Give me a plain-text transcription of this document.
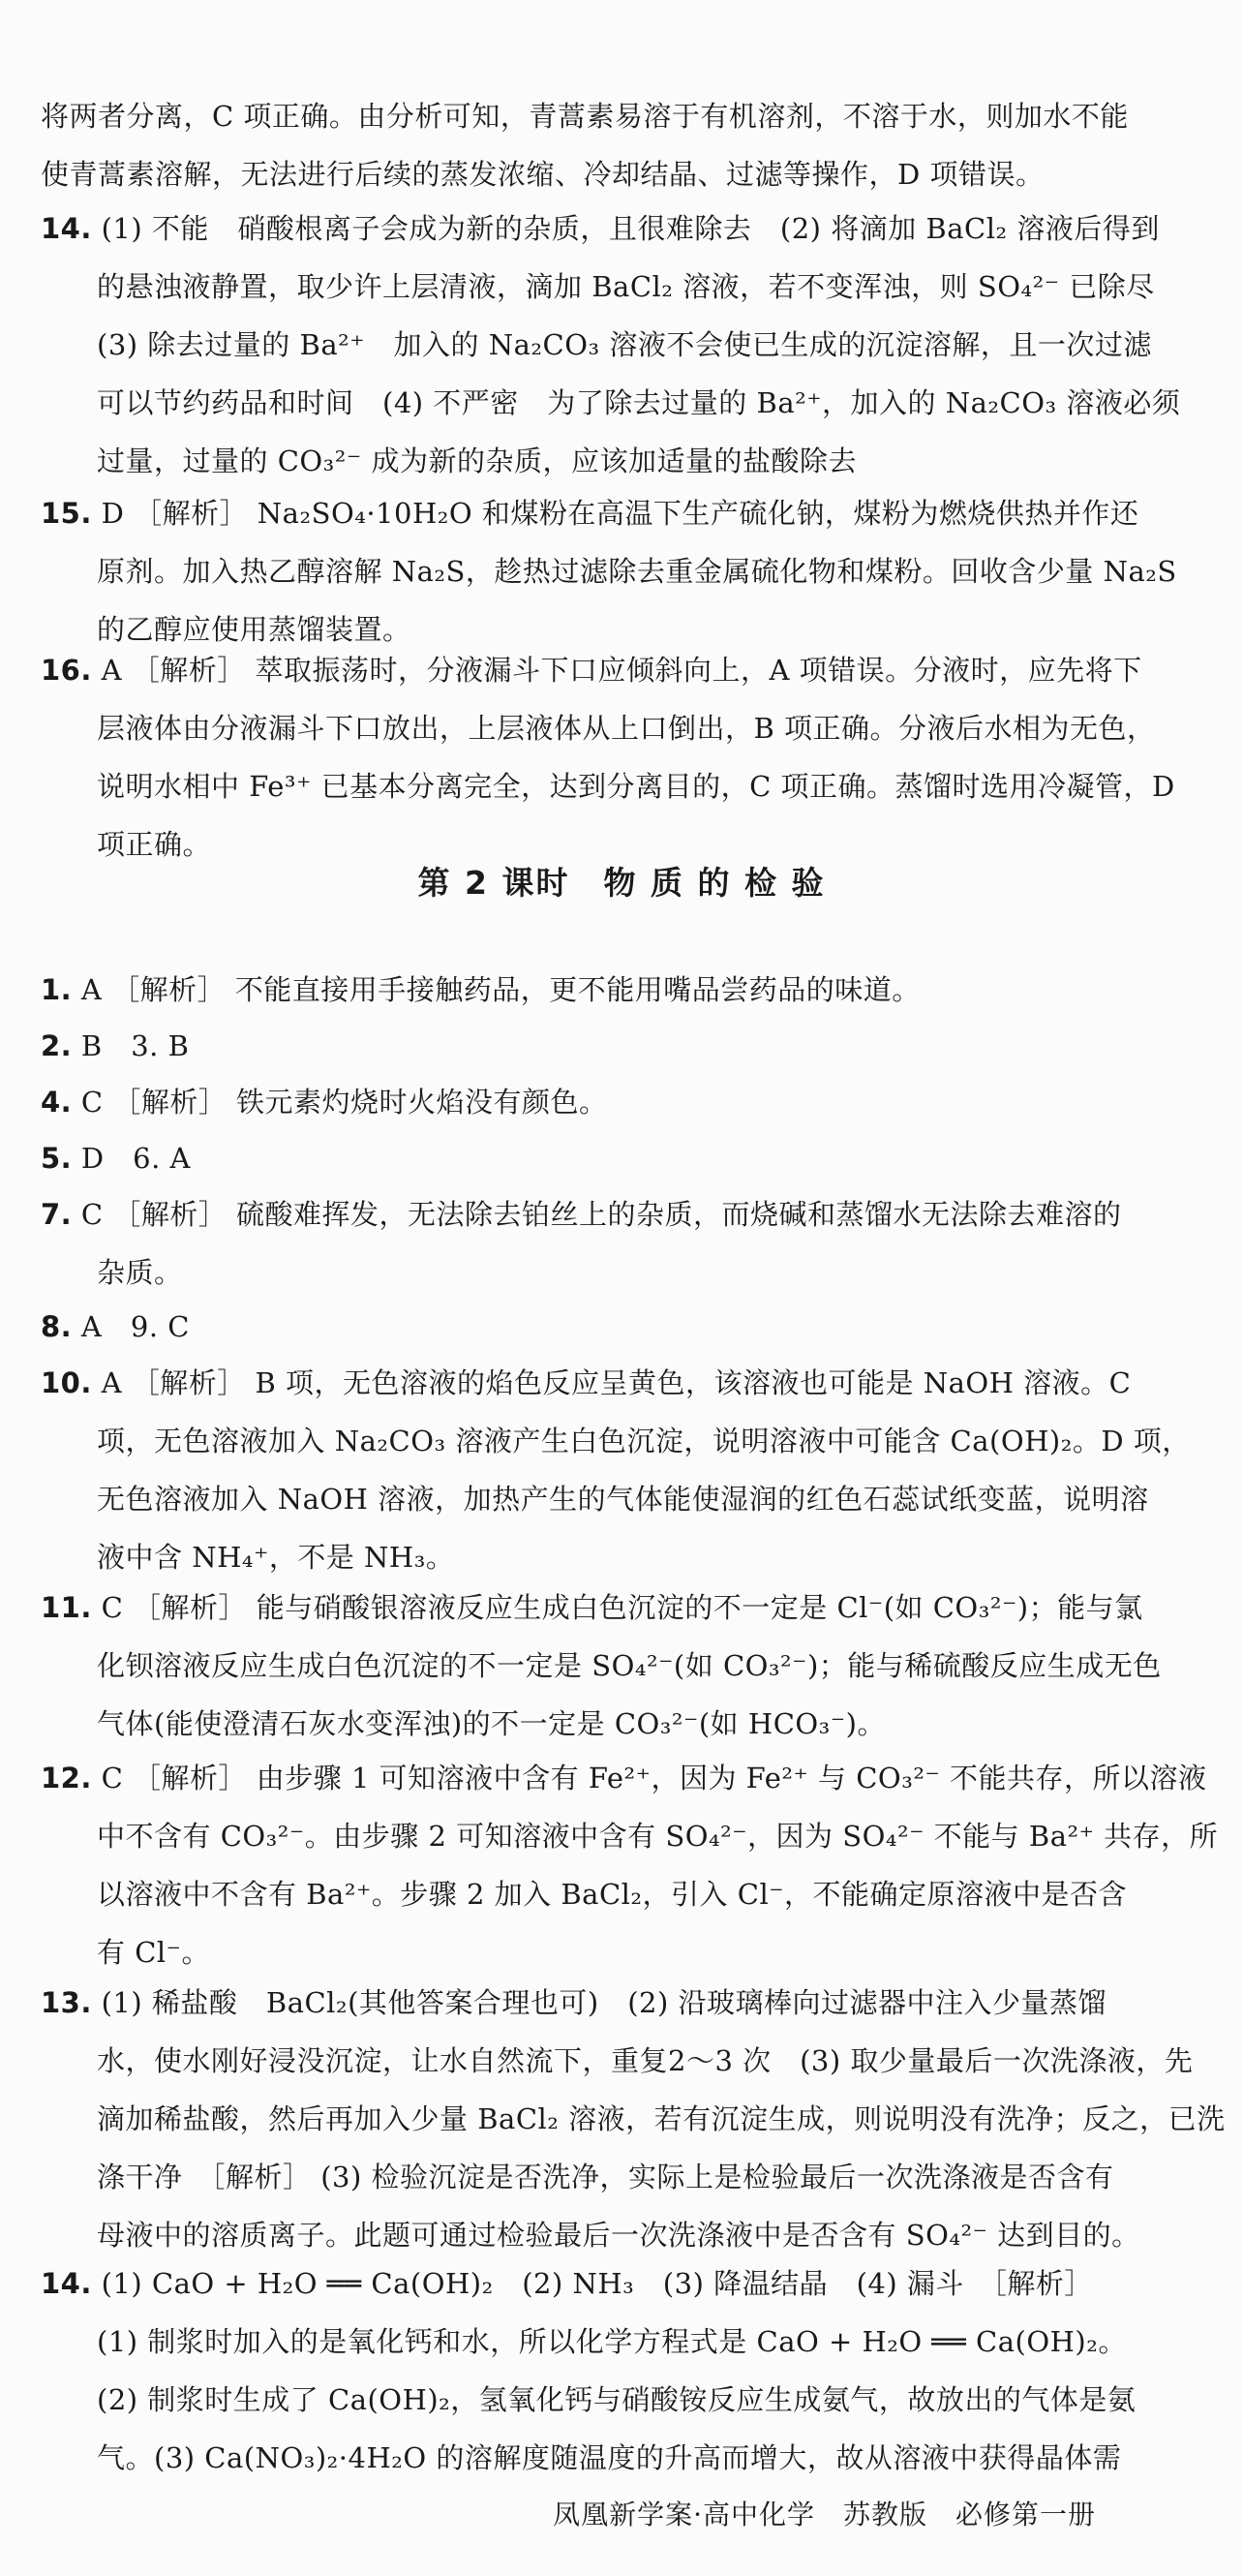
将两者分离，C 项正确。由分析可知，青蒿素易溶于有机溶剂，不溶于水，则加水不能
使青蒿素溶解，无法进行后续的蒸发浓缩、冷却结晶、过滤等操作，D 项错误。
14. (1) 不能　硝酸根离子会成为新的杂质，且很难除去　(2) 将滴加 BaCl₂ 溶液后得到
的悬浊液静置，取少许上层清液，滴加 BaCl₂ 溶液，若不变浑浊，则 SO₄²⁻ 已除尽
(3) 除去过量的 Ba²⁺　加入的 Na₂CO₃ 溶液不会使已生成的沉淀溶解，且一次过滤
可以节约药品和时间　(4) 不严密　为了除去过量的 Ba²⁺，加入的 Na₂CO₃ 溶液必须
过量，过量的 CO₃²⁻ 成为新的杂质，应该加适量的盐酸除去
15. D ［解析］ Na₂SO₄·10H₂O 和煤粉在高温下生产硫化钠，煤粉为燃烧供热并作还
原剂。加入热乙醇溶解 Na₂S，趁热过滤除去重金属硫化物和煤粉。回收含少量 Na₂S
的乙醇应使用蒸馏装置。
16. A ［解析］ 萃取振荡时，分液漏斗下口应倾斜向上，A 项错误。分液时，应先将下
层液体由分液漏斗下口放出，上层液体从上口倒出，B 项正确。分液后水相为无色，
说明水相中 Fe³⁺ 已基本分离完全，达到分离目的，C 项正确。蒸馏时选用冷凝管，D
项正确。
第 2 课时　物 质 的 检 验
1. A ［解析］ 不能直接用手接触药品，更不能用嘴品尝药品的味道。
2. B　3. B
4. C ［解析］ 铁元素灼烧时火焰没有颜色。
5. D　6. A
7. C ［解析］ 硫酸难挥发，无法除去铂丝上的杂质，而烧碱和蒸馏水无法除去难溶的
杂质。
8. A　9. C
10. A ［解析］ B 项，无色溶液的焰色反应呈黄色，该溶液也可能是 NaOH 溶液。C
项，无色溶液加入 Na₂CO₃ 溶液产生白色沉淀，说明溶液中可能含 Ca(OH)₂。D 项，
无色溶液加入 NaOH 溶液，加热产生的气体能使湿润的红色石蕊试纸变蓝，说明溶
液中含 NH₄⁺，不是 NH₃。
11. C ［解析］ 能与硝酸银溶液反应生成白色沉淀的不一定是 Cl⁻(如 CO₃²⁻)；能与氯
化钡溶液反应生成白色沉淀的不一定是 SO₄²⁻(如 CO₃²⁻)；能与稀硫酸反应生成无色
气体(能使澄清石灰水变浑浊)的不一定是 CO₃²⁻(如 HCO₃⁻)。
12. C ［解析］ 由步骤 1 可知溶液中含有 Fe²⁺，因为 Fe²⁺ 与 CO₃²⁻ 不能共存，所以溶液
中不含有 CO₃²⁻。由步骤 2 可知溶液中含有 SO₄²⁻，因为 SO₄²⁻ 不能与 Ba²⁺ 共存，所
以溶液中不含有 Ba²⁺。步骤 2 加入 BaCl₂，引入 Cl⁻，不能确定原溶液中是否含
有 Cl⁻。
13. (1) 稀盐酸　BaCl₂(其他答案合理也可)　(2) 沿玻璃棒向过滤器中注入少量蒸馏
水，使水刚好浸没沉淀，让水自然流下，重复2～3 次　(3) 取少量最后一次洗涤液，先
滴加稀盐酸，然后再加入少量 BaCl₂ 溶液，若有沉淀生成，则说明没有洗净；反之，已洗
涤干净　［解析］ (3) 检验沉淀是否洗净，实际上是检验最后一次洗涤液是否含有
母液中的溶质离子。此题可通过检验最后一次洗涤液中是否含有 SO₄²⁻ 达到目的。
14. (1) CaO + H₂O ══ Ca(OH)₂　(2) NH₃　(3) 降温结晶　(4) 漏斗　［解析］
(1) 制浆时加入的是氧化钙和水，所以化学方程式是 CaO + H₂O ══ Ca(OH)₂。
(2) 制浆时生成了 Ca(OH)₂，氢氧化钙与硝酸铵反应生成氨气，故放出的气体是氨
气。(3) Ca(NO₃)₂·4H₂O 的溶解度随温度的升高而增大，故从溶液中获得晶体需
凤凰新学案·高中化学　苏教版　必修第一册
